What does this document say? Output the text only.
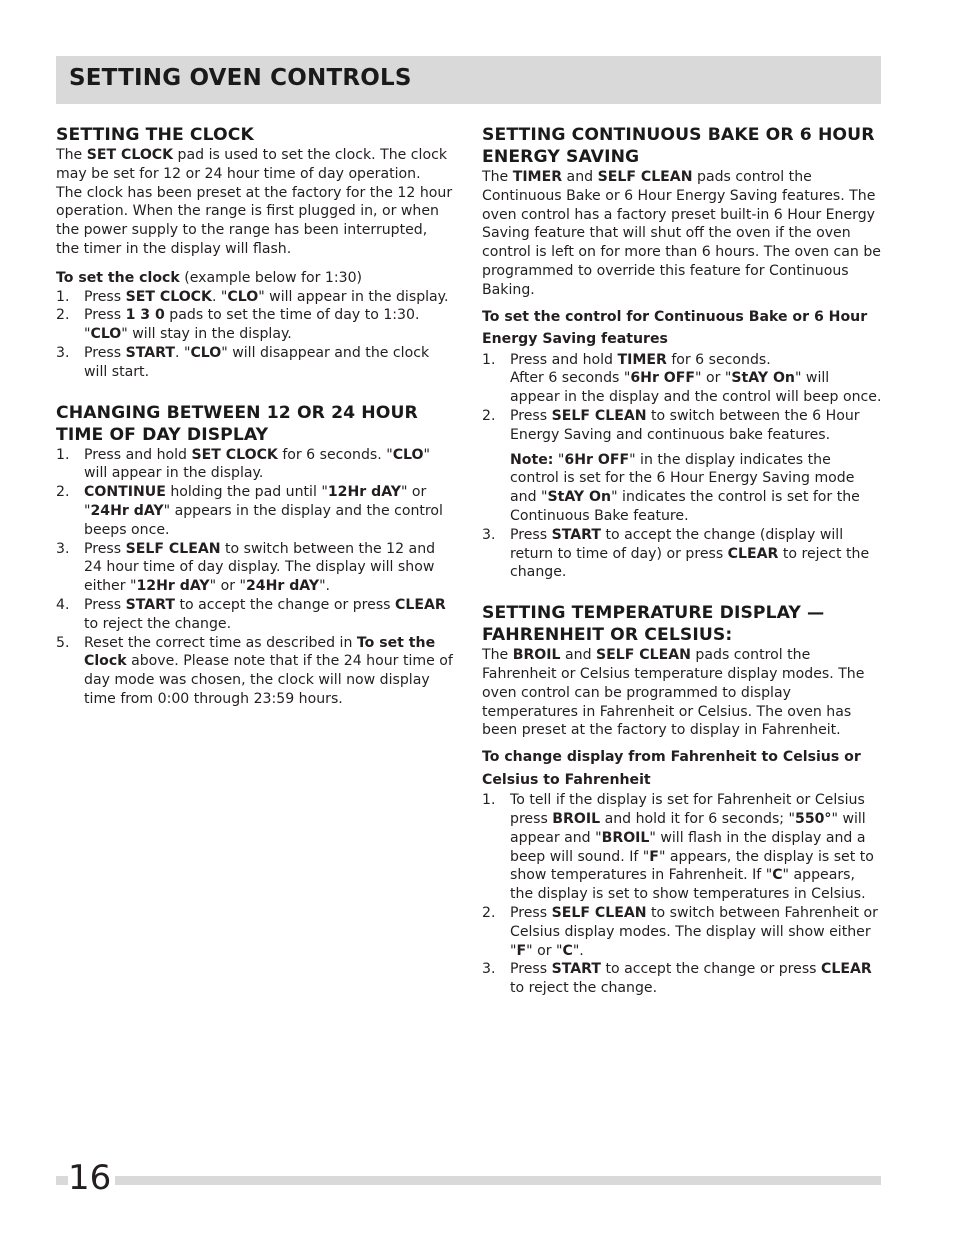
SETTING OVEN CONTROLS
SETTING THE CLOCK

The SET CLOCK pad is used to set the clock. The clock may be set for 12 or 24 hour time of day operation.

The clock has been preset at the factory for the 12 hour operation. When the range is first plugged in, or when the power supply to the range has been interrupted, the timer in the display will flash.

To set the clock (example below for 1:30)

1. Press SET CLOCK. "CLO" will appear in the display.
2. Press 1 3 0 pads to set the time of day to 1:30. "CLO" will stay in the display.
3. Press START. "CLO" will disappear and the clock will start.
CHANGING BETWEEN 12 OR 24 HOUR TIME OF DAY DISPLAY
1. Press and hold SET CLOCK for 6 seconds. "CLO" will appear in the display.
2. CONTINUE holding the pad until "12Hr dAY" or "24Hr dAY" appears in the display and the control beeps once.
3. Press SELF CLEAN to switch between the 12 and 24 hour time of day display. The display will show either "12Hr dAY" or "24Hr dAY".
4. Press START to accept the change or press CLEAR to reject the change.
5. Reset the correct time as described in To set the Clock above. Please note that if the 24 hour time of day mode was chosen, the clock will now display time from 0:00 through 23:59 hours.
SETTING CONTINUOUS BAKE OR 6 HOUR ENERGY SAVING

The TIMER and SELF CLEAN pads control the Continuous Bake or 6 Hour Energy Saving features. The oven control has a factory preset built-in 6 Hour Energy Saving feature that will shut off the oven if the oven control is left on for more than 6 hours. The oven can be programmed to override this feature for Continuous Baking.

To set the control for Continuous Bake or 6 Hour Energy Saving features

1. Press and hold TIMER for 6 seconds.
After 6 seconds "6Hr OFF" or "StAY On" will appear in the display and the control will beep once.
2. Press SELF CLEAN to switch between the 6 Hour Energy Saving and continuous bake features.

Note: "6Hr OFF" in the display indicates the control is set for the 6 Hour Energy Saving mode and "StAY On" indicates the control is set for the Continuous Bake feature.

3. Press START to accept the change (display will return to time of day) or press CLEAR to reject the change.
SETTING TEMPERATURE DISPLAY — FAHRENHEIT OR CELSIUS:

The BROIL and SELF CLEAN pads control the Fahrenheit or Celsius temperature display modes. The oven control can be programmed to display temperatures in Fahrenheit or Celsius. The oven has been preset at the factory to display in Fahrenheit.

To change display from Fahrenheit to Celsius or Celsius to Fahrenheit

1. To tell if the display is set for Fahrenheit or Celsius press BROIL and hold it for 6 seconds; "550°" will appear and "BROIL" will flash in the display and a beep will sound. If "F" appears, the display is set to show temperatures in Fahrenheit. If "C" appears, the display is set to show temperatures in Celsius.
2. Press SELF CLEAN to switch between Fahrenheit or Celsius display modes. The display will show either "F" or "C".
3. Press START to accept the change or press CLEAR to reject the change.
16
